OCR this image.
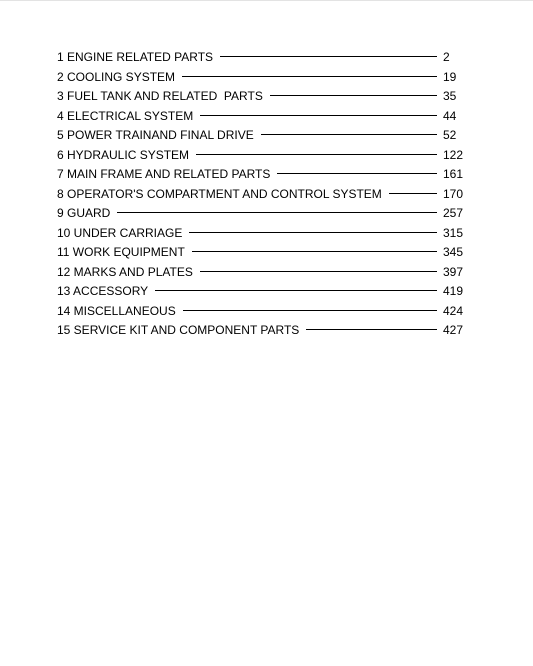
1 ENGINE RELATED PARTS	2
2 COOLING SYSTEM	19
3 FUEL TANK AND RELATED  PARTS	35
4 ELECTRICAL SYSTEM	44
5 POWER TRAINAND FINAL DRIVE	52
6 HYDRAULIC SYSTEM	122
7 MAIN FRAME AND RELATED PARTS	161
8 OPERATOR'S COMPARTMENT AND CONTROL SYSTEM	170
9 GUARD	257
10 UNDER CARRIAGE	315
11 WORK EQUIPMENT	345
12 MARKS AND PLATES	397
13 ACCESSORY	419
14 MISCELLANEOUS	424
15 SERVICE KIT AND COMPONENT PARTS	427
